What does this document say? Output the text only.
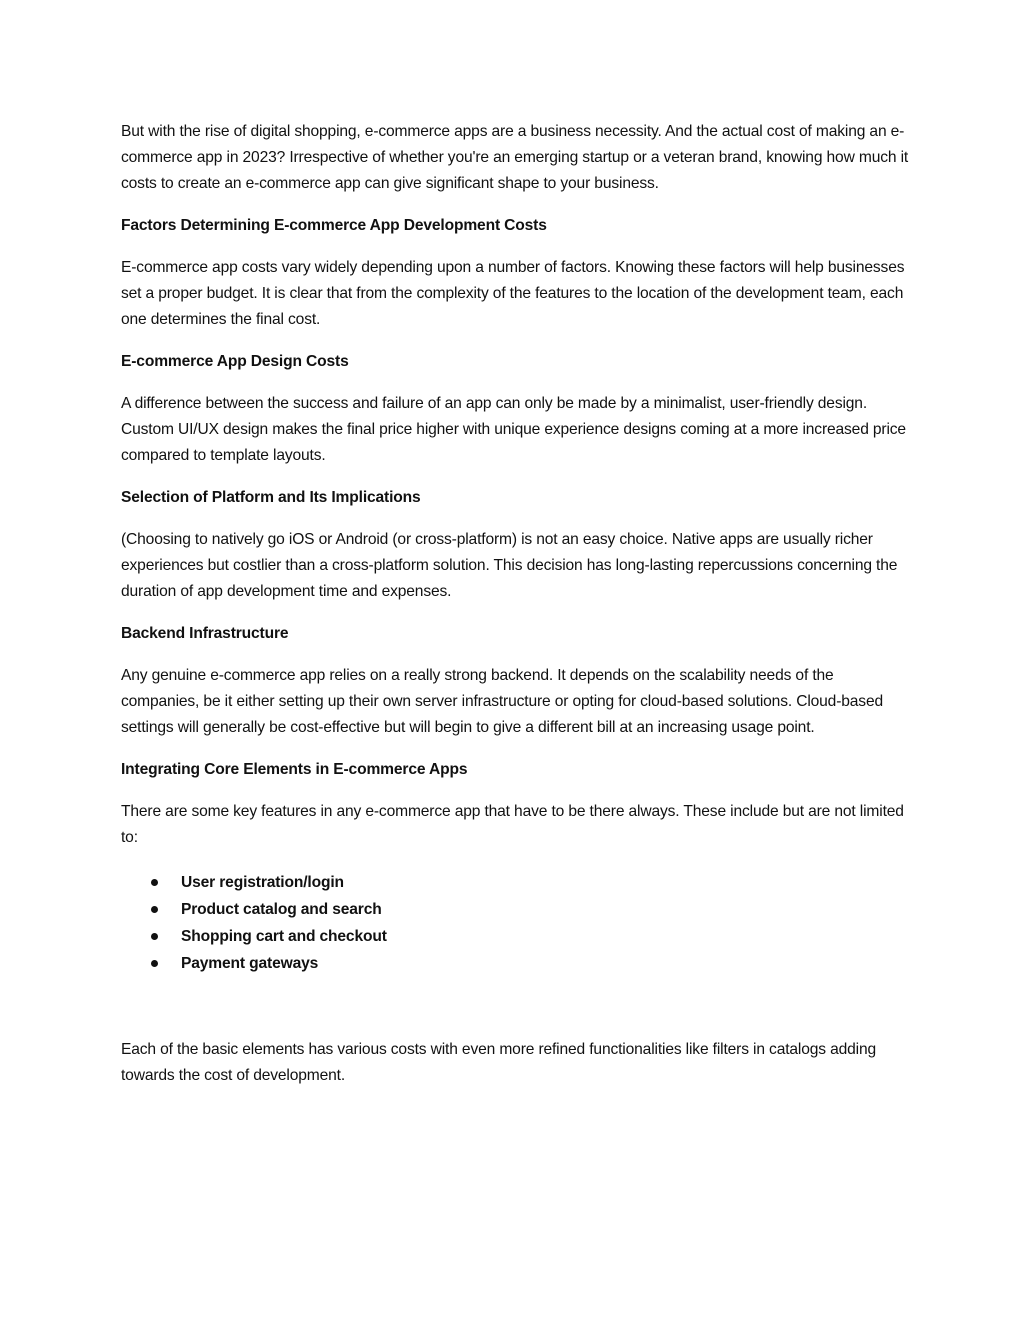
But with the rise of digital shopping, e-commerce apps are a business necessity. And the actual cost of making an e-commerce app in 2023? Irrespective of whether you're an emerging startup or a veteran brand, knowing how much it costs to create an e-commerce app can give significant shape to your business.

Factors Determining E-commerce App Development Costs

E-commerce app costs vary widely depending upon a number of factors. Knowing these factors will help businesses set a proper budget. It is clear that from the complexity of the features to the location of the development team, each one determines the final cost.

E-commerce App Design Costs

A difference between the success and failure of an app can only be made by a minimalist, user-friendly design. Custom UI/UX design makes the final price higher with unique experience designs coming at a more increased price compared to template layouts.

Selection of Platform and Its Implications

(Choosing to natively go iOS or Android (or cross-platform) is not an easy choice. Native apps are usually richer experiences but costlier than a cross-platform solution. This decision has long-lasting repercussions concerning the duration of app development time and expenses.

Backend Infrastructure

Any genuine e-commerce app relies on a really strong backend. It depends on the scalability needs of the companies, be it either setting up their own server infrastructure or opting for cloud-based solutions. Cloud-based settings will generally be cost-effective but will begin to give a different bill at an increasing usage point.

Integrating Core Elements in E-commerce Apps

There are some key features in any e-commerce app that have to be there always. These include but are not limited to:

User registration/login
Product catalog and search
Shopping cart and checkout
Payment gateways

Each of the basic elements has various costs with even more refined functionalities like filters in catalogs adding towards the cost of development.
